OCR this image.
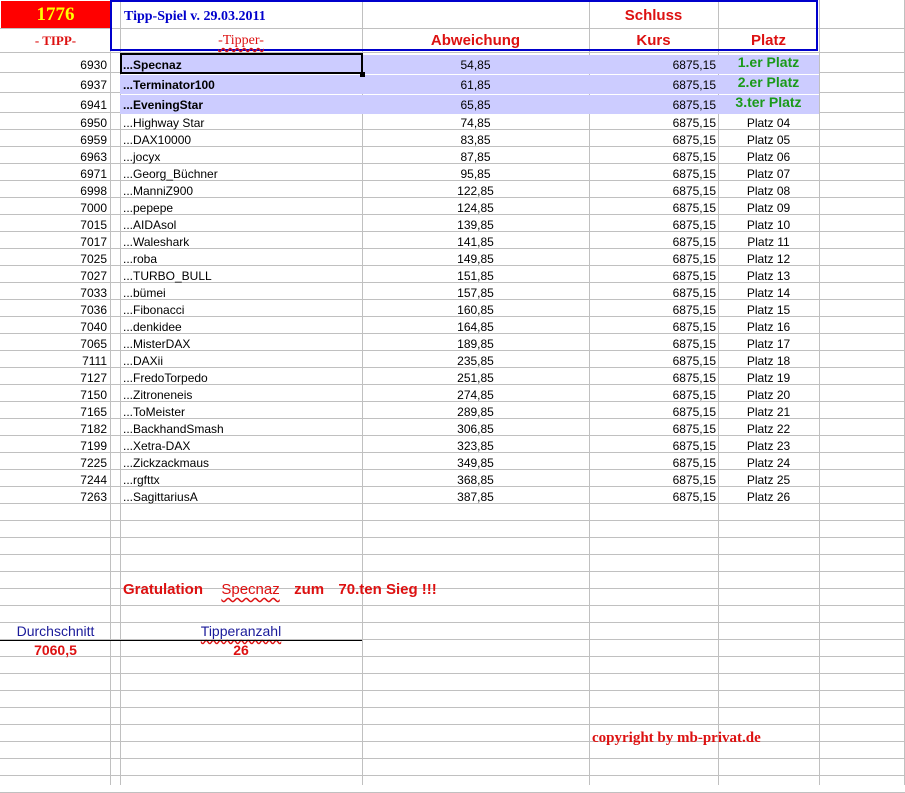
1776	Tipp-Spiel v. 29.03.2011	Schluss
- TIPP-	-Tipper-	Abweichung	Kurs	Platz
6930 ...Specnaz	54,85	6875,15	1.er Platz
6937 ...Terminator100	61,85	6875,15	2.er Platz
6941 ...EveningStar	65,85	6875,15	3.ter Platz
6950 ...Highway Star	74,85	6875,15	Platz 04
6959 ...DAX10000	83,85	6875,15	Platz 05
6963 ...jocyx	87,85	6875,15	Platz 06
6971 ...Georg_Büchner	95,85	6875,15	Platz 07
6998 ...ManniZ900	122,85	6875,15	Platz 08
7000 ...pepepe	124,85	6875,15	Platz 09
7015 ...AIDAsol	139,85	6875,15	Platz 10
7017 ...Waleshark	141,85	6875,15	Platz 11
7025 ...roba	149,85	6875,15	Platz 12
7027 ...TURBO_BULL	151,85	6875,15	Platz 13
7033 ...bümei	157,85	6875,15	Platz 14
7036 ...Fibonacci	160,85	6875,15	Platz 15
7040 ...denkidee	164,85	6875,15	Platz 16
7065 ...MisterDAX	189,85	6875,15	Platz 17
7111 ...DAXii	235,85	6875,15	Platz 18
7127 ...FredoTorpedo	251,85	6875,15	Platz 19
7150 ...Zitroneneis	274,85	6875,15	Platz 20
7165 ...ToMeister	289,85	6875,15	Platz 21
7182 ...BackhandSmash	306,85	6875,15	Platz 22
7199 ...Xetra-DAX	323,85	6875,15	Platz 23
7225 ...Zickzackmaus	349,85	6875,15	Platz 24
7244 ...rgfttx	368,85	6875,15	Platz 25
7263 ...SagittariusA	387,85	6875,15	Platz 26
Gratulation Specnaz zum 70.ten Sieg !!!
Durchschnitt	Tipperanzahl
7060,5	26
copyright by mb-privat.de
